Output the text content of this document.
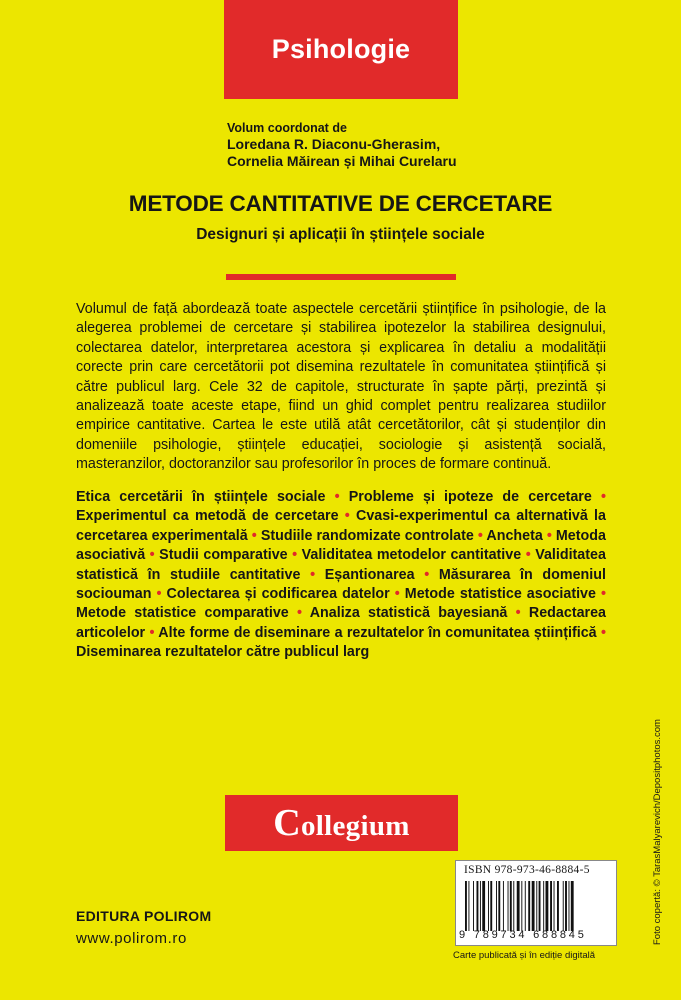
Psihologie
Volum coordonat de
Loredana R. Diaconu-Gherasim,
Cornelia Măirean și Mihai Curelaru
METODE CANTITATIVE DE CERCETARE
Designuri și aplicații în științele sociale
Volumul de față abordează toate aspectele cercetării științifice în psihologie, de la alegerea problemei de cercetare și stabilirea ipotezelor la stabilirea designului, colectarea datelor, interpretarea acestora și explicarea în detaliu a modalității corecte prin care cercetătorii pot disemina rezultatele în comunitatea științifică și către publicul larg. Cele 32 de capitole, structurate în șapte părți, prezintă și analizează toate aceste etape, fiind un ghid complet pentru realizarea studiilor empirice cantitative. Cartea le este utilă atât cercetătorilor, cât și studenților din domeniile psihologie, științele educației, sociologie și asistență socială, masteranzilor, doctoranzilor sau profesorilor în proces de formare continuă.
Etica cercetării în științele sociale • Probleme și ipoteze de cercetare • Experimentul ca metodă de cercetare • Cvasi-experimentul ca alternativă la cercetarea experimentală • Studiile randomizate controlate • Ancheta • Metoda asociativă • Studii comparative • Validitatea metodelor cantitative • Validitatea statistică în studiile cantitative • Eșantionarea • Măsurarea în domeniul sociouman • Colectarea și codificarea datelor • Metode statistice asociative • Metode statistice comparative • Analiza statistică bayesiană • Redactarea articolelor • Alte forme de diseminare a rezultatelor în comunitatea științifică • Diseminarea rezultatelor către publicul larg
Collegium
ISBN 978-973-46-8884-5
9 789734 688845
Carte publicată și în ediție digitală
EDITURA POLIROM
www.polirom.ro	Foto copertă: © TarasMalyarevich/Depositphotos.com
